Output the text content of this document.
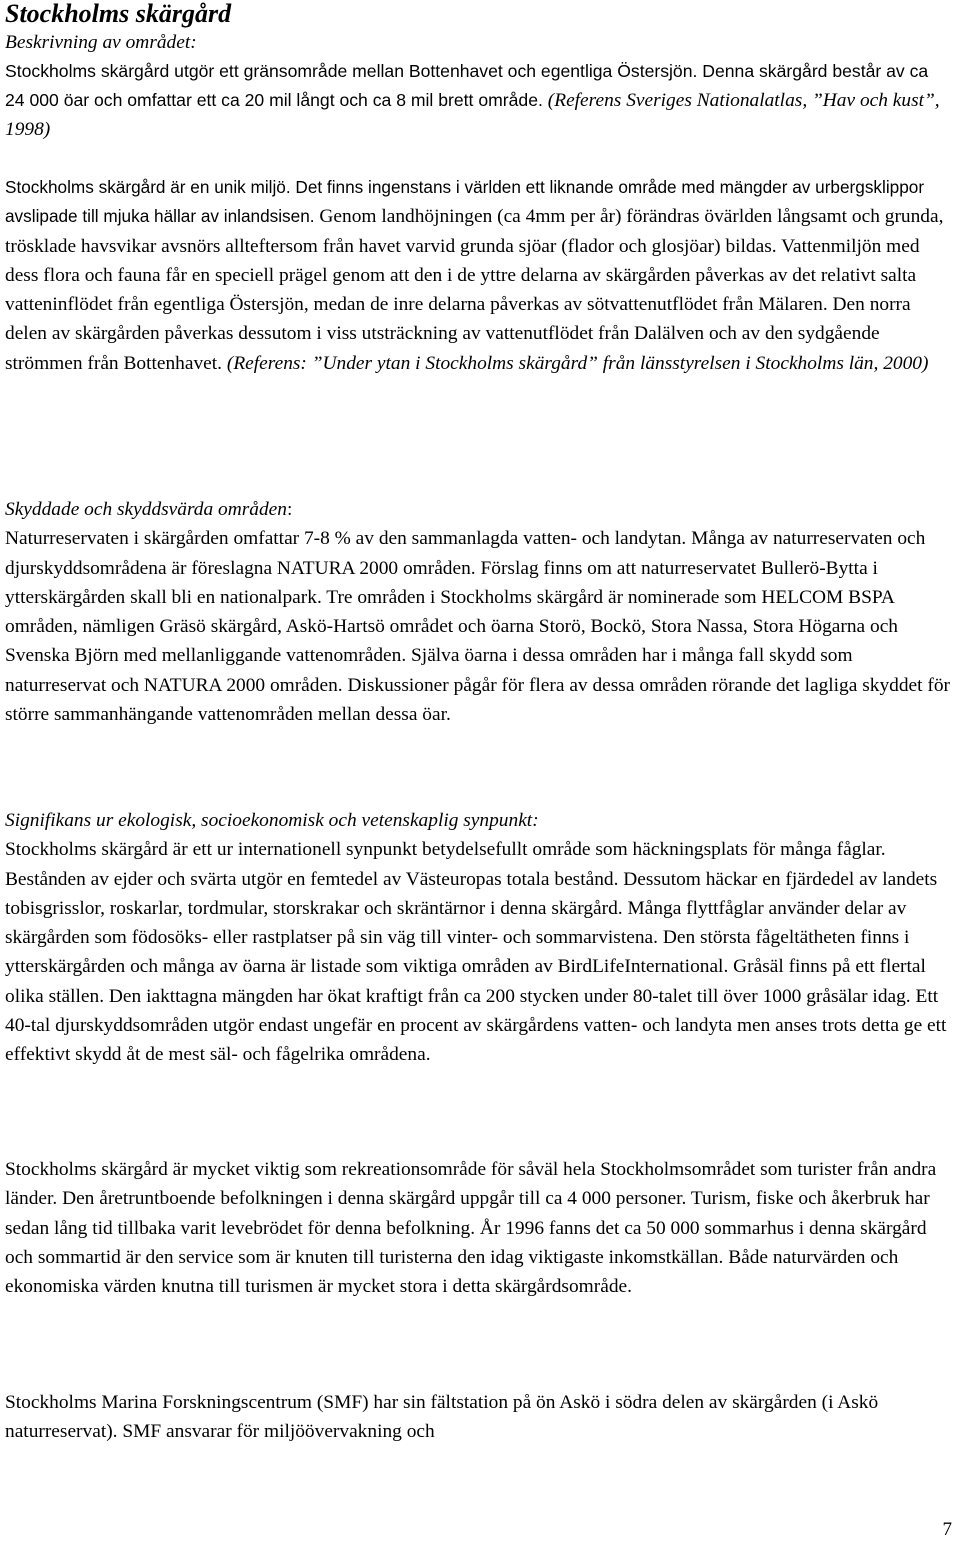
Stockholms skärgård
Beskrivning av området:
Stockholms skärgård utgör ett gränsområde mellan Bottenhavet och egentliga Östersjön. Denna skärgård består av ca 24 000 öar och omfattar ett ca 20 mil långt och ca 8 mil brett område. (Referens Sveriges Nationalatlas, ”Hav och kust”, 1998)
Stockholms skärgård är en unik miljö. Det finns ingenstans i världen ett liknande område med mängder av urbergsklippor avslipade till mjuka hällar av inlandsisen. Genom landhöjningen (ca 4mm per år) förändras övärlden långsamt och grunda, trösklade havsvikar avsnörs allteftersom från havet varvid grunda sjöar (flador och glosjöar) bildas. Vattenmiljön med dess flora och fauna får en speciell prägel genom att den i de yttre delarna av skärgården påverkas av det relativt salta vatteninflödet från egentliga Östersjön, medan de inre delarna påverkas av sötvattenutflödet från Mälaren. Den norra delen av skärgården påverkas dessutom i viss utsträckning av vattenutflödet från Dalälven och av den sydgående strömmen från Bottenhavet. (Referens: ”Under ytan i Stockholms skärgård” från länsstyrelsen i Stockholms län, 2000)
Skyddade och skyddsvärda områden:

Naturreservaten i skärgården omfattar 7-8 % av den sammanlagda vatten- och landytan. Många av naturreservaten och djurskyddsområdena är föreslagna NATURA 2000 områden. Förslag finns om att naturreservatet Bullerö-Bytta i ytterskärgården skall bli en nationalpark. Tre områden i Stockholms skärgård är nominerade som HELCOM BSPA områden, nämligen Gräsö skärgård, Askö-Hartsö området och öarna Storö, Bockö, Stora Nassa, Stora Högarna och Svenska Björn med mellanliggande vattenområden. Själva öarna i dessa områden har i många fall skydd som naturreservat och NATURA 2000 områden. Diskussioner pågår för flera av dessa områden rörande det lagliga skyddet för större sammanhängande vattenområden mellan dessa öar.

Signifikans ur ekologisk, socioekonomisk och vetenskaplig synpunkt:

Stockholms skärgård är ett ur internationell synpunkt betydelsefullt område som häckningsplats för många fåglar. Bestånden av ejder och svärta utgör en femtedel av Västeuropas totala bestånd. Dessutom häckar en fjärdedel av landets tobisgrisslor, roskarlar, tordmular, storskrakar och skräntärnor i denna skärgård. Många flyttfåglar använder delar av skärgården som födosöks- eller rastplatser på sin väg till vinter- och sommarvistena. Den största fågeltätheten finns i ytterskärgården och många av öarna är listade som viktiga områden av BirdLifeInternational. Gråsäl finns på ett flertal olika ställen. Den iakttagna mängden har ökat kraftigt från ca 200 stycken under 80-talet till över 1000 gråsälar idag. Ett 40-tal djurskyddsområden utgör endast ungefär en procent av skärgårdens vatten- och landyta men anses trots detta ge ett effektivt skydd åt de mest säl- och fågelrika områdena.

Stockholms skärgård är mycket viktig som rekreationsområde för såväl hela Stockholmsområdet som turister från andra länder. Den åretruntboende befolkningen i denna skärgård uppgår till ca 4 000 personer. Turism, fiske och åkerbruk har sedan lång tid tillbaka varit levebrödet för denna befolkning. År 1996 fanns det ca 50 000 sommarhus i denna skärgård och sommartid är den service som är knuten till turisterna den idag viktigaste inkomstkällan. Både naturvärden och ekonomiska värden knutna till turismen är mycket stora i detta skärgårdsområde.

Stockholms Marina Forskningscentrum (SMF) har sin fältstation på ön Askö i södra delen av skärgården (i Askö naturreservat). SMF ansvarar för miljöövervakning och

7
